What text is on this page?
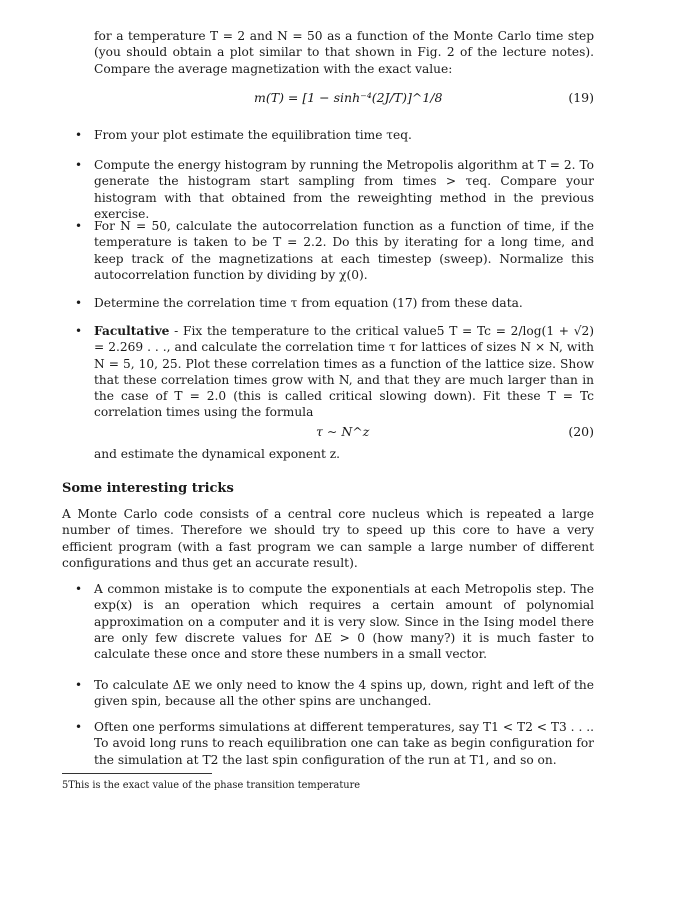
for a temperature T = 2 and N = 50 as a function of the Monte Carlo time step (you should obtain a plot similar to that shown in Fig. 2 of the lecture notes). Compare the average magnetization with the exact value:
m(T) = [1 − sinh⁻⁴(2J/T)]^1/8	(19)
• From your plot estimate the equilibration time τeq.
• Compute the energy histogram by running the Metropolis algorithm at T = 2. To generate the histogram start sampling from times > τeq. Compare your histogram with that obtained from the reweighting method in the previous exercise.
• For N = 50, calculate the autocorrelation function as a function of time, if the temperature is taken to be T = 2.2. Do this by iterating for a long time, and keep track of the magnetizations at each timestep (sweep). Normalize this autocorrelation function by dividing by χ(0).
• Determine the correlation time τ from equation (17) from these data.
• Facultative - Fix the temperature to the critical value5 T = Tc = 2/log(1 + √2) = 2.269 . . ., and calculate the correlation time τ for lattices of sizes N × N, with N = 5, 10, 25. Plot these correlation times as a function of the lattice size. Show that these correlation times grow with N, and that they are much larger than in the case of T = 2.0 (this is called critical slowing down). Fit these T = Tc correlation times using the formula
τ ∼ N^z	(20)
and estimate the dynamical exponent z.
Some interesting tricks
A Monte Carlo code consists of a central core nucleus which is repeated a large number of times. Therefore we should try to speed up this core to have a very efficient program (with a fast program we can sample a large number of different configurations and thus get an accurate result).
• A common mistake is to compute the exponentials at each Metropolis step. The exp(x) is an operation which requires a certain amount of polynomial approximation on a computer and it is very slow. Since in the Ising model there are only few discrete values for ΔE > 0 (how many?) it is much faster to calculate these once and store these numbers in a small vector.
• To calculate ΔE we only need to know the 4 spins up, down, right and left of the given spin, because all the other spins are unchanged.
• Often one performs simulations at different temperatures, say T1 < T2 < T3 . . .. To avoid long runs to reach equilibration one can take as begin configuration for the simulation at T2 the last spin configuration of the run at T1, and so on.
5This is the exact value of the phase transition temperature
